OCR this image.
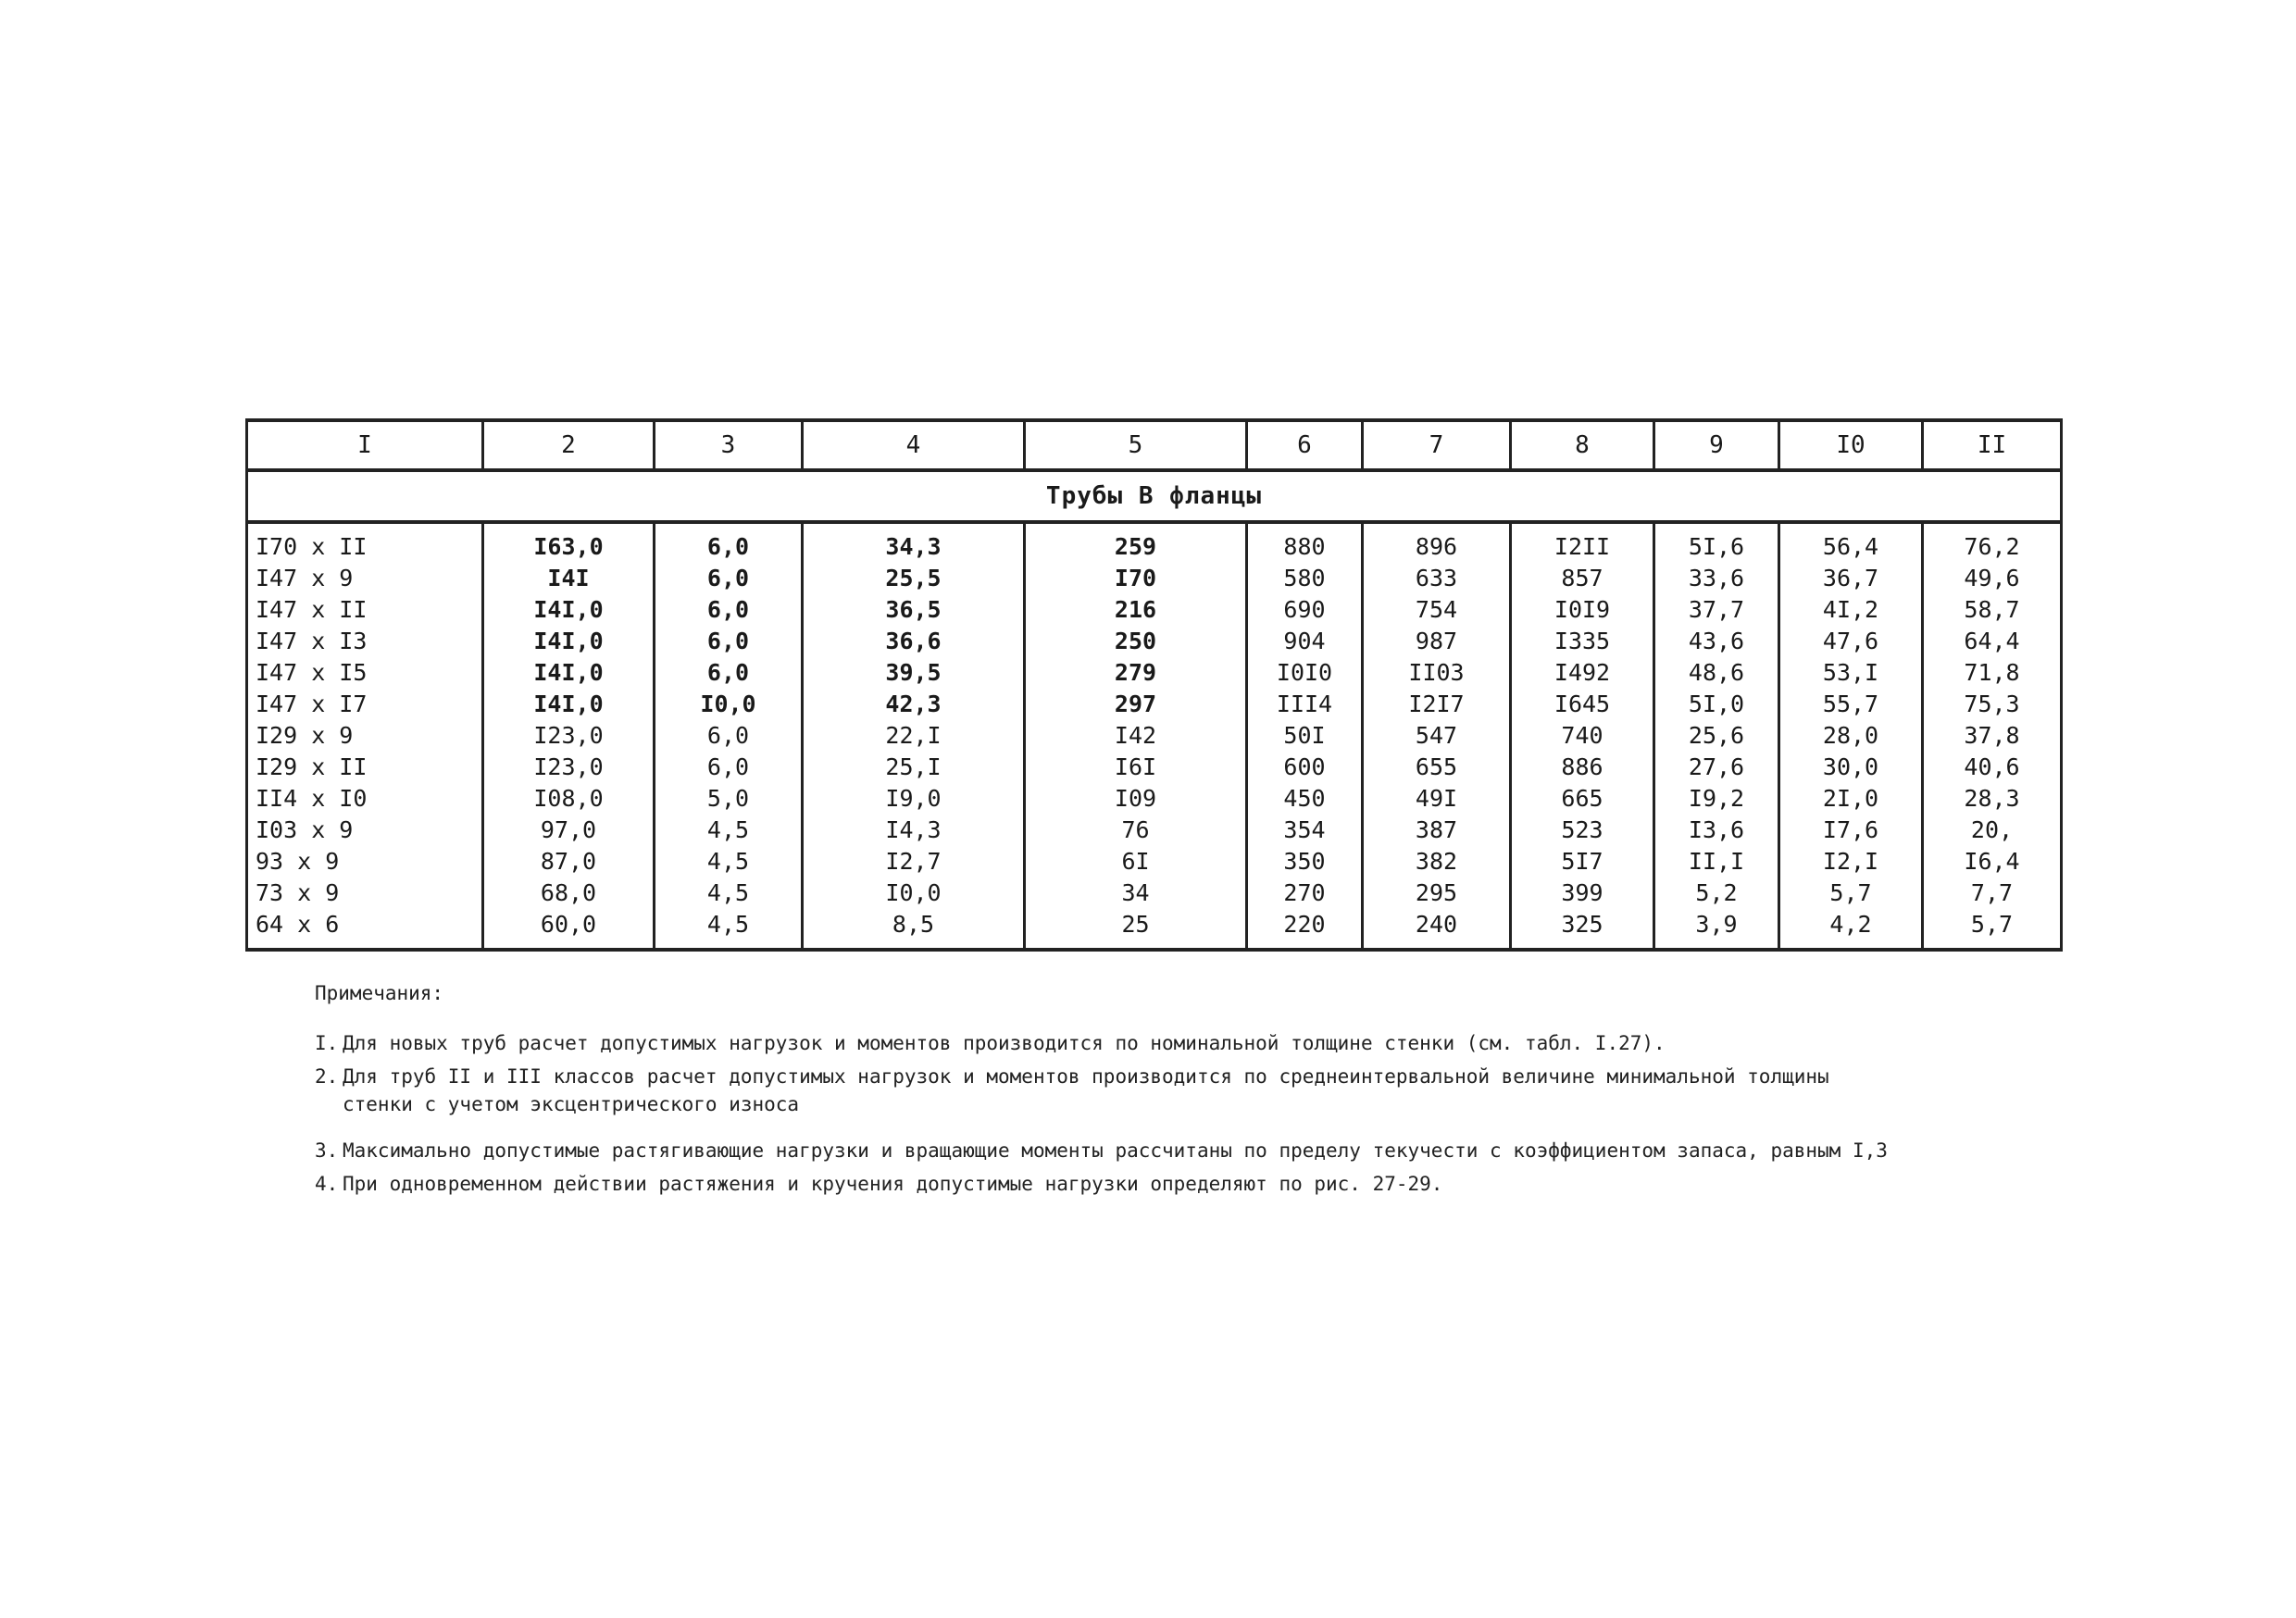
I	2	3	4	5	6	7	8	9	I0	II
Трубы В фланцы										
I70 x II	I63,0	6,0	34,3	259	880	896	I2II	5I,6	56,4	76,2
I47 x 9	I4I	6,0	25,5	I70	580	633	857	33,6	36,7	49,6
I47 x II	I4I,0	6,0	36,5	216	690	754	I0I9	37,7	4I,2	58,7
I47 x I3	I4I,0	6,0	36,6	250	904	987	I335	43,6	47,6	64,4
I47 x I5	I4I,0	6,0	39,5	279	I0I0	II03	I492	48,6	53,I	71,8
I47 x I7	I4I,0	I0,0	42,3	297	III4	I2I7	I645	5I,0	55,7	75,3
I29 x 9	I23,0	6,0	22,I	I42	50I	547	740	25,6	28,0	37,8
I29 x II	I23,0	6,0	25,I	I6I	600	655	886	27,6	30,0	40,6
II4 x I0	I08,0	5,0	I9,0	I09	450	49I	665	I9,2	2I,0	28,3
I03 x 9	97,0	4,5	I4,3	76	354	387	523	I3,6	I7,6	20,
93 x 9	87,0	4,5	I2,7	6I	350	382	5I7	II,I	I2,I	I6,4
73 x 9	68,0	4,5	I0,0	34	270	295	399	5,2	5,7	7,7
64 x 6	60,0	4,5	8,5	25	220	240	325	3,9	4,2	5,7
Примечания:
I. Для новых труб расчет допустимых нагрузок и моментов производится по номинальной толщине стенки (см. табл. I.27).
2. Для труб II и III классов расчет допустимых нагрузок и моментов производится по среднеинтервальной величине минимальной толщины
стенки с учетом эксцентрического износа
3. Максимально допустимые растягивающие нагрузки и вращающие моменты рассчитаны по пределу текучести с коэффициентом запаса, равным I,3
4. При одновременном действии растяжения и кручения допустимые нагрузки определяют по рис. 27-29.
